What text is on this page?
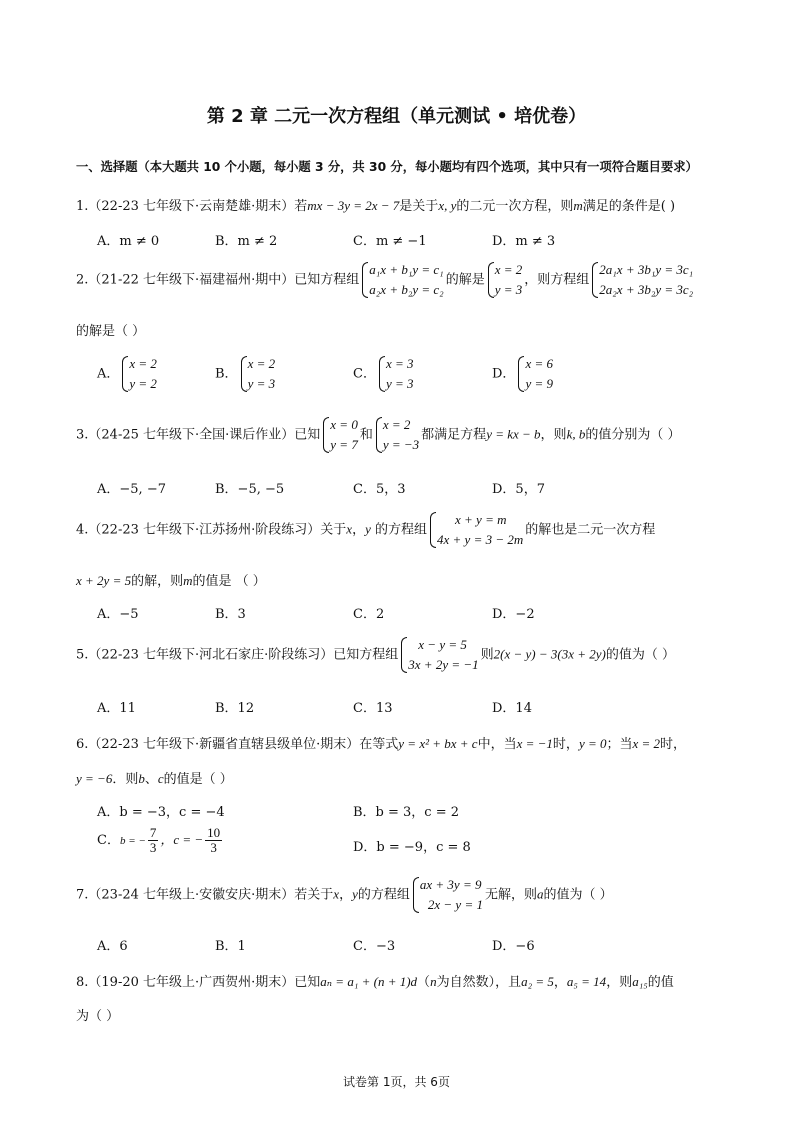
第 2 章 二元一次方程组（单元测试 • 培优卷）
一、选择题（本大题共 10 个小题，每小题 3 分，共 30 分，每小题均有四个选项，其中只有一项符合题目要求）
1.（22-23 七年级下·云南楚雄·期末）若mx − 3y = 2x − 7是关于x, y的二元一次方程，则m满足的条件是( )
A．m ≠ 0	B．m ≠ 2	C．m ≠ −1	D．m ≠ 3
2.（21-22 七年级下·福建福州·期中）已知方程组
a₁x + b₁y = c₁
a₂x + b₂y = c₂
的解是
x = 2
y = 3
，则方程组
2a₁x + 3b₁y = 3c₁
2a₂x + 3b₂y = 3c₂
的解是（ ）
A．
x = 2
y = 2
B．
x = 2
y = 3
C．
x = 3
y = 3
D．
x = 6
y = 9
3.（24-25 七年级下·全国·课后作业）已知
x = 0
y = 7
和
x = 2
y = −3
都满足方程y = kx − b，则k, b的值分别为（ ）
A．−5, −7	B．−5, −5	C．5，3	D．5，7
4.（22-23 七年级下·江苏扬州·阶段练习）关于x，y 的方程组
x + y = m
4x + y = 3 − 2m
的解也是二元一次方程
x + 2y = 5的解，则m的值是 （ ）
A．−5	B．3	C．2	D．−2
5.（22-23 七年级下·河北石家庄·阶段练习）已知方程组
x − y = 5
3x + 2y = −1
则2(x − y) − 3(3x + 2y)的值为（ ）
A．11	B．12	C．13	D．14
6.（22-23 七年级下·新疆省直辖县级单位·期末）在等式y = x² + bx + c中，当x = −1时，y = 0；当x = 2时，
y = −6．则b、c的值是（ ）
A．b = −3，c = −4	B．b = 3，c = 2
C．b = − $\frac{7}{3}$ ，c = − $\frac{10}{3}$	D．b = −9，c = 8
7.（23-24 七年级上·安徽安庆·期末）若关于x，y的方程组
ax + 3y = 9
2x − y = 1
无解，则a的值为（ ）
A．6	B．1	C．−3	D．−6
8.（19-20 七年级上·广西贺州·期末）已知aₙ = a₁ + (n + 1)d（n为自然数），且a₂ = 5，a₅ = 14，则a₁₅的值
为（ ）
试卷第 1页，共 6页
